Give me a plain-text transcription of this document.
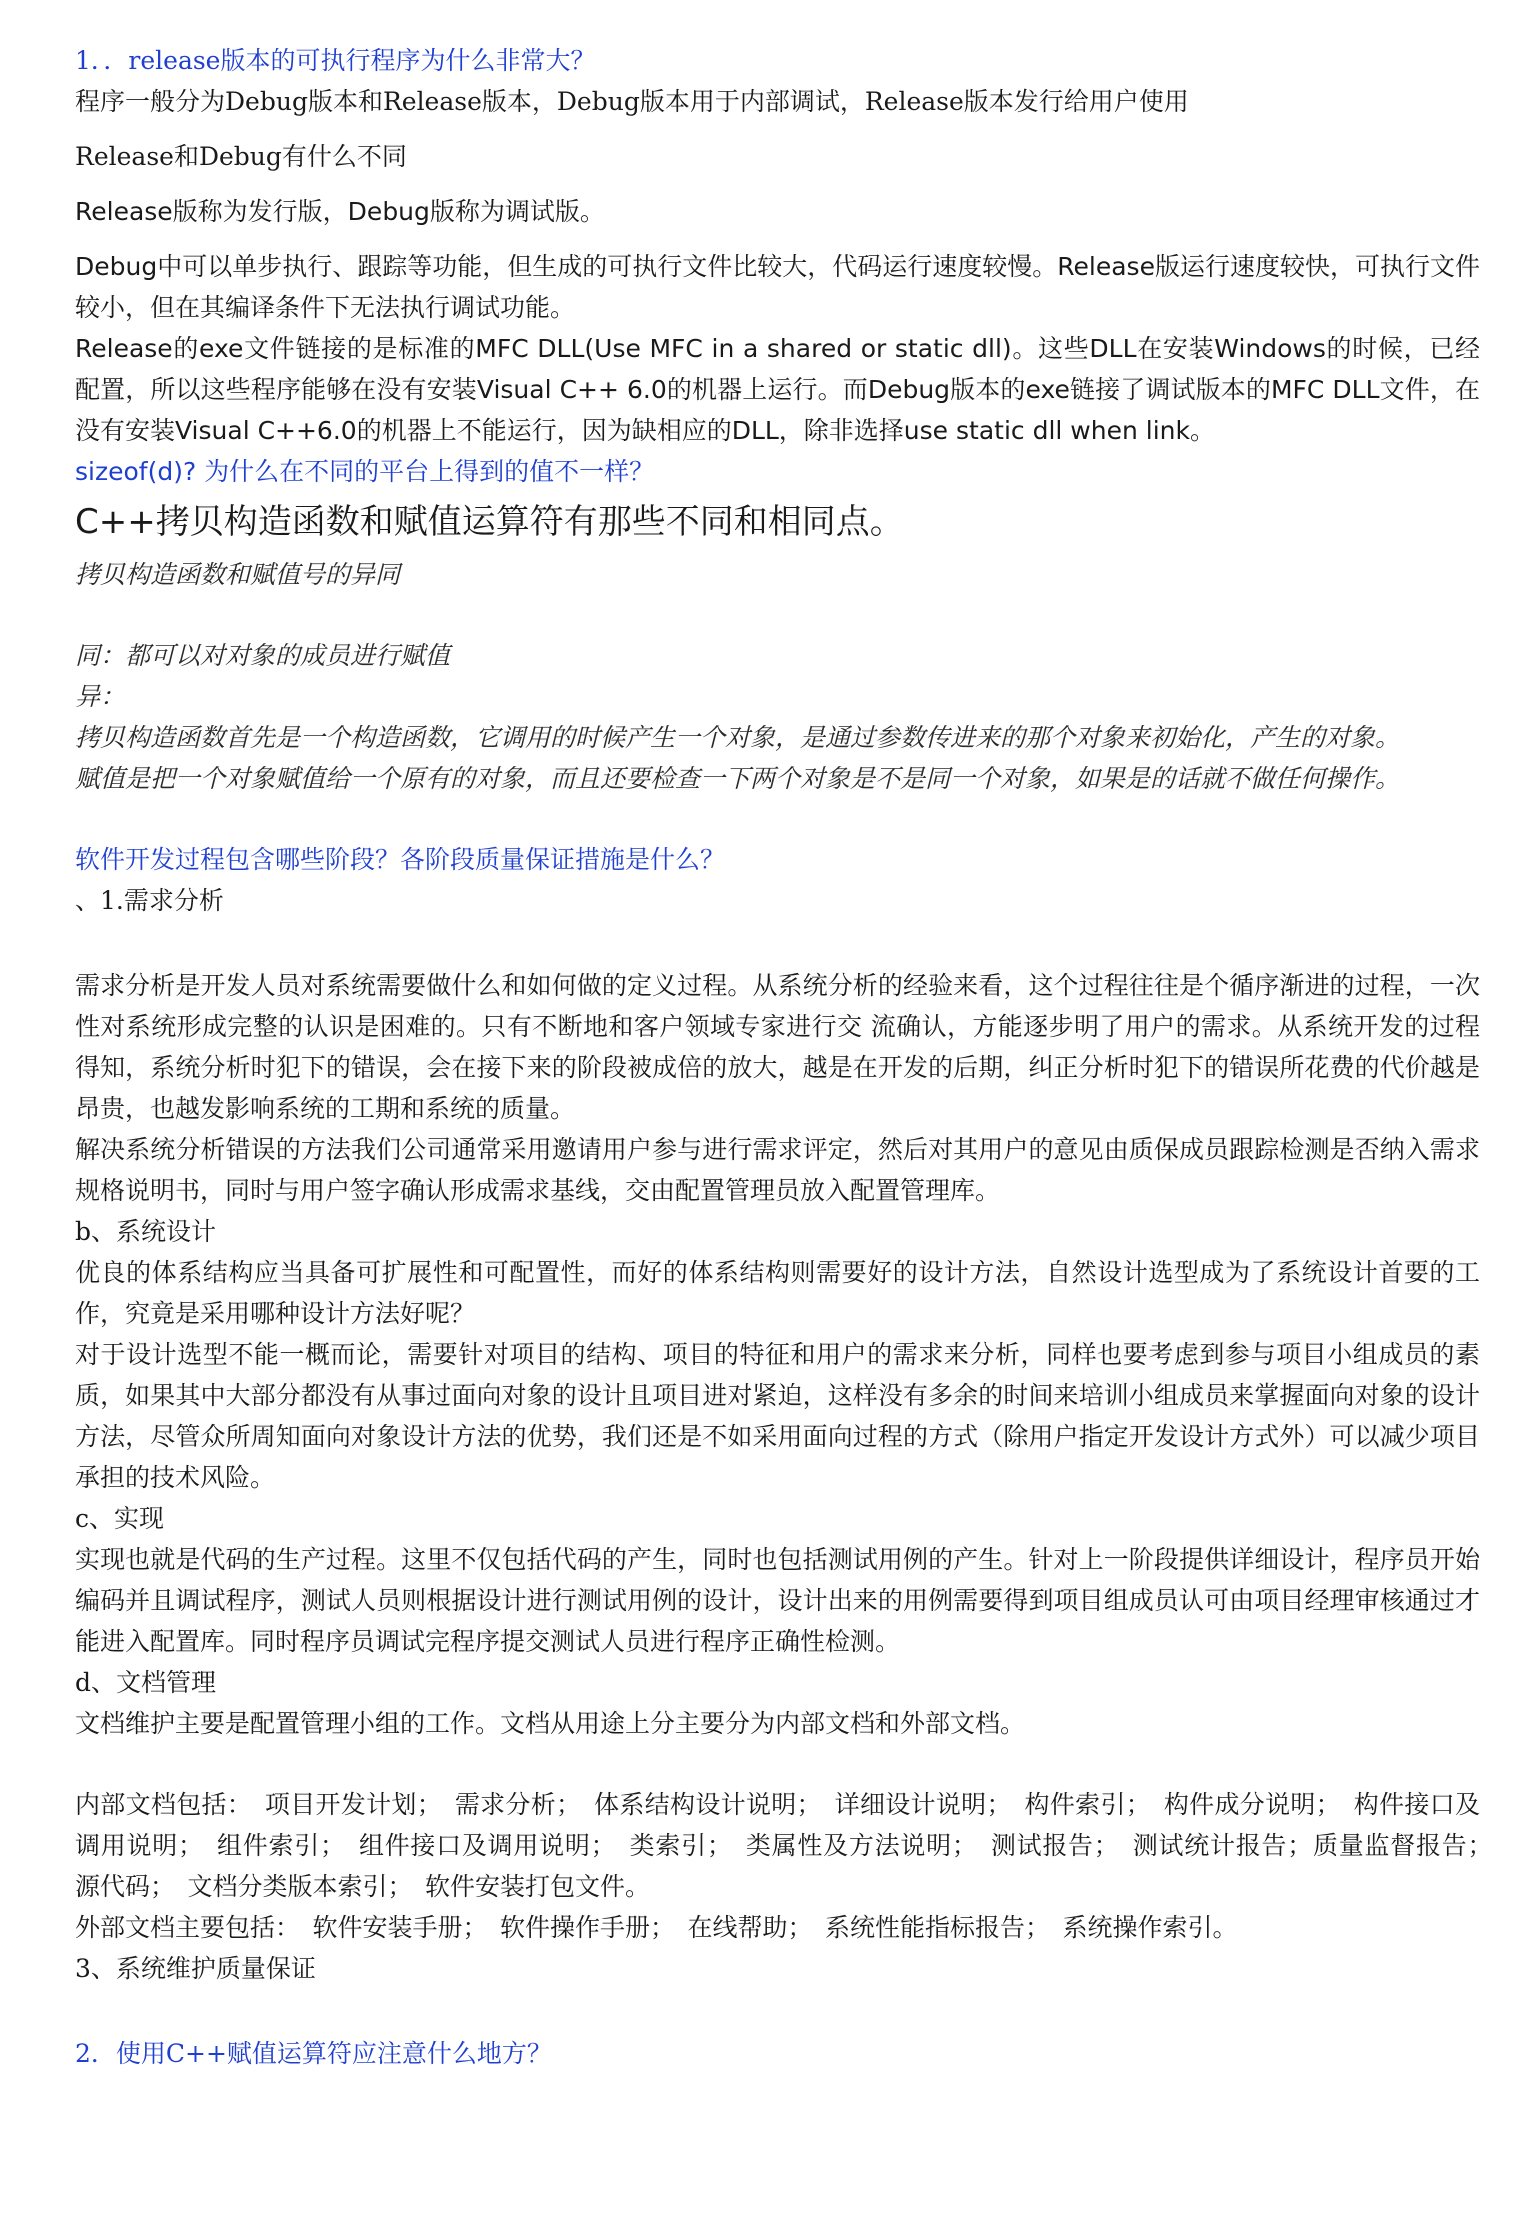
1．．release版本的可执行程序为什么非常大？

程序一般分为Debug版本和Release版本，Debug版本用于内部调试，Release版本发行给用户使用

Release和Debug有什么不同

Release版称为发行版，Debug版称为调试版。

Debug中可以单步执行、跟踪等功能，但生成的可执行文件比较大，代码运行速度较慢。Release版运行速度较快，可执行文件较小，但在其编译条件下无法执行调试功能。

Release的exe文件链接的是标准的MFC DLL(Use MFC in a shared or static dll)。这些DLL在安装Windows的时候，已经配置，所以这些程序能够在没有安装Visual C++ 6.0的机器上运行。而Debug版本的exe链接了调试版本的MFC DLL文件，在没有安装Visual C++6.0的机器上不能运行，因为缺相应的DLL，除非选择use static dll when link。

sizeof(d)? 为什么在不同的平台上得到的值不一样？

C++拷贝构造函数和赋值运算符有那些不同和相同点。

拷贝构造函数和赋值号的异同

同：都可以对对象的成员进行赋值

异：

拷贝构造函数首先是一个构造函数，它调用的时候产生一个对象，是通过参数传进来的那个对象来初始化，产生的对象。

赋值是把一个对象赋值给一个原有的对象，而且还要检查一下两个对象是不是同一个对象，如果是的话就不做任何操作。

软件开发过程包含哪些阶段？各阶段质量保证措施是什么？

、1.需求分析

需求分析是开发人员对系统需要做什么和如何做的定义过程。从系统分析的经验来看，这个过程往往是个循序渐进的过程，一次性对系统形成完整的认识是困难的。只有不断地和客户领域专家进行交 流确认，方能逐步明了用户的需求。从系统开发的过程得知，系统分析时犯下的错误，会在接下来的阶段被成倍的放大，越是在开发的后期，纠正分析时犯下的错误所花费的代价越是昂贵，也越发影响系统的工期和系统的质量。

解决系统分析错误的方法我们公司通常采用邀请用户参与进行需求评定，然后对其用户的意见由质保成员跟踪检测是否纳入需求规格说明书，同时与用户签字确认形成需求基线，交由配置管理员放入配置管理库。

b、系统设计

优良的体系结构应当具备可扩展性和可配置性，而好的体系结构则需要好的设计方法，自然设计选型成为了系统设计首要的工作，究竟是采用哪种设计方法好呢？

对于设计选型不能一概而论，需要针对项目的结构、项目的特征和用户的需求来分析，同样也要考虑到参与项目小组成员的素质，如果其中大部分都没有从事过面向对象的设计且项目进对紧迫，这样没有多余的时间来培训小组成员来掌握面向对象的设计方法，尽管众所周知面向对象设计方法的优势，我们还是不如采用面向过程的方式（除用户指定开发设计方式外）可以减少项目承担的技术风险。

c、实现

实现也就是代码的生产过程。这里不仅包括代码的产生，同时也包括测试用例的产生。针对上一阶段提供详细设计，程序员开始编码并且调试程序，测试人员则根据设计进行测试用例的设计，设计出来的用例需要得到项目组成员认可由项目经理审核通过才能进入配置库。同时程序员调试完程序提交测试人员进行程序正确性检测。

d、文档管理

文档维护主要是配置管理小组的工作。文档从用途上分主要分为内部文档和外部文档。

内部文档包括：　项目开发计划；　需求分析；　体系结构设计说明；　详细设计说明；　构件索引；　构件成分说明；　构件接口及调用说明；　组件索引；　组件接口及调用说明；　类索引；　类属性及方法说明；　测试报告；　测试统计报告；质量监督报告；　源代码；　文档分类版本索引；　软件安装打包文件。

外部文档主要包括：　软件安装手册；　软件操作手册；　在线帮助；　系统性能指标报告；　系统操作索引。

3、系统维护质量保证

2．使用C++赋值运算符应注意什么地方？
